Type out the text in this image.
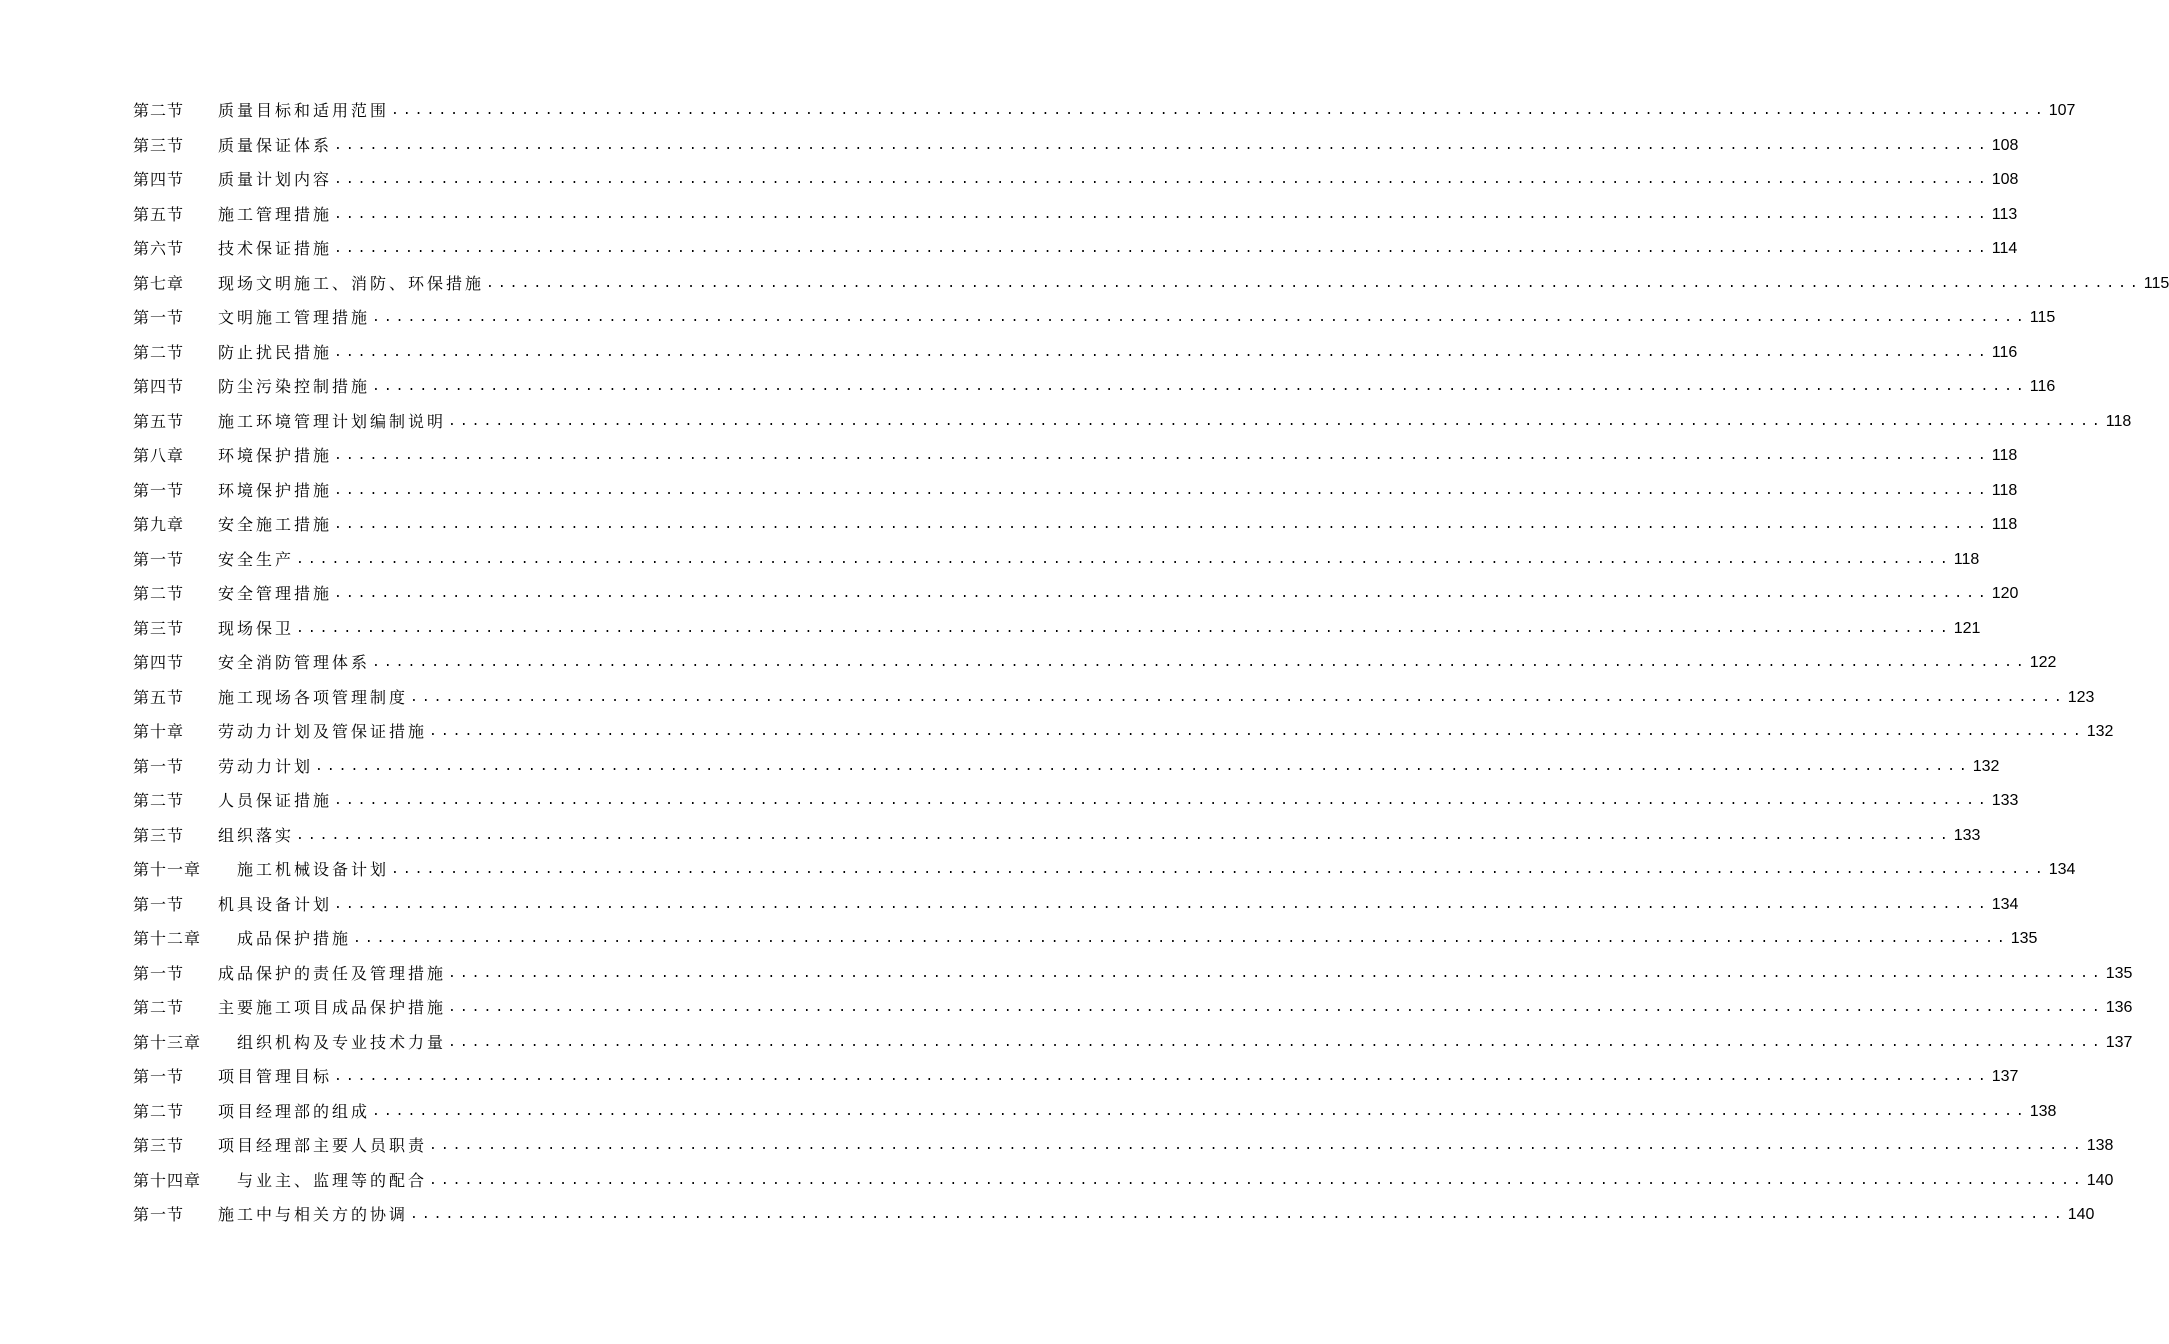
第二节	质量目标和适用范围 ............................................................................................................................................ 107
第三节	质量保证体系 ............................................................................................................................................ 108
第四节	质量计划内容 ............................................................................................................................................ 108
第五节	施工管理措施 ............................................................................................................................................ 113
第六节	技术保证措施 ............................................................................................................................................ 114
第七章	现场文明施工、消防、环保措施 ............................................................................................................................................ 115
第一节	文明施工管理措施 ............................................................................................................................................ 115
第二节	防止扰民措施 ............................................................................................................................................ 116
第四节	防尘污染控制措施 ............................................................................................................................................ 116
第五节	施工环境管理计划编制说明 ............................................................................................................................................ 118
第八章	环境保护措施 ............................................................................................................................................ 118
第一节	环境保护措施 ............................................................................................................................................ 118
第九章	安全施工措施 ............................................................................................................................................ 118
第一节	安全生产 ............................................................................................................................................ 118
第二节	安全管理措施 ............................................................................................................................................ 120
第三节	现场保卫 ............................................................................................................................................ 121
第四节	安全消防管理体系 ............................................................................................................................................ 122
第五节	施工现场各项管理制度 ............................................................................................................................................ 123
第十章	劳动力计划及管保证措施 ............................................................................................................................................ 132
第一节	劳动力计划 ............................................................................................................................................ 132
第二节	人员保证措施 ............................................................................................................................................ 133
第三节	组织落实 ............................................................................................................................................ 133
第十一章	施工机械设备计划 ............................................................................................................................................ 134
第一节	机具设备计划 ............................................................................................................................................ 134
第十二章	成品保护措施 ............................................................................................................................................ 135
第一节	成品保护的责任及管理措施 ............................................................................................................................................ 135
第二节	主要施工项目成品保护措施 ............................................................................................................................................ 136
第十三章	组织机构及专业技术力量 ............................................................................................................................................ 137
第一节	项目管理目标 ............................................................................................................................................ 137
第二节	项目经理部的组成 ............................................................................................................................................ 138
第三节	项目经理部主要人员职责 ............................................................................................................................................ 138
第十四章	与业主、监理等的配合 ............................................................................................................................................ 140
第一节	施工中与相关方的协调 ............................................................................................................................................ 140
